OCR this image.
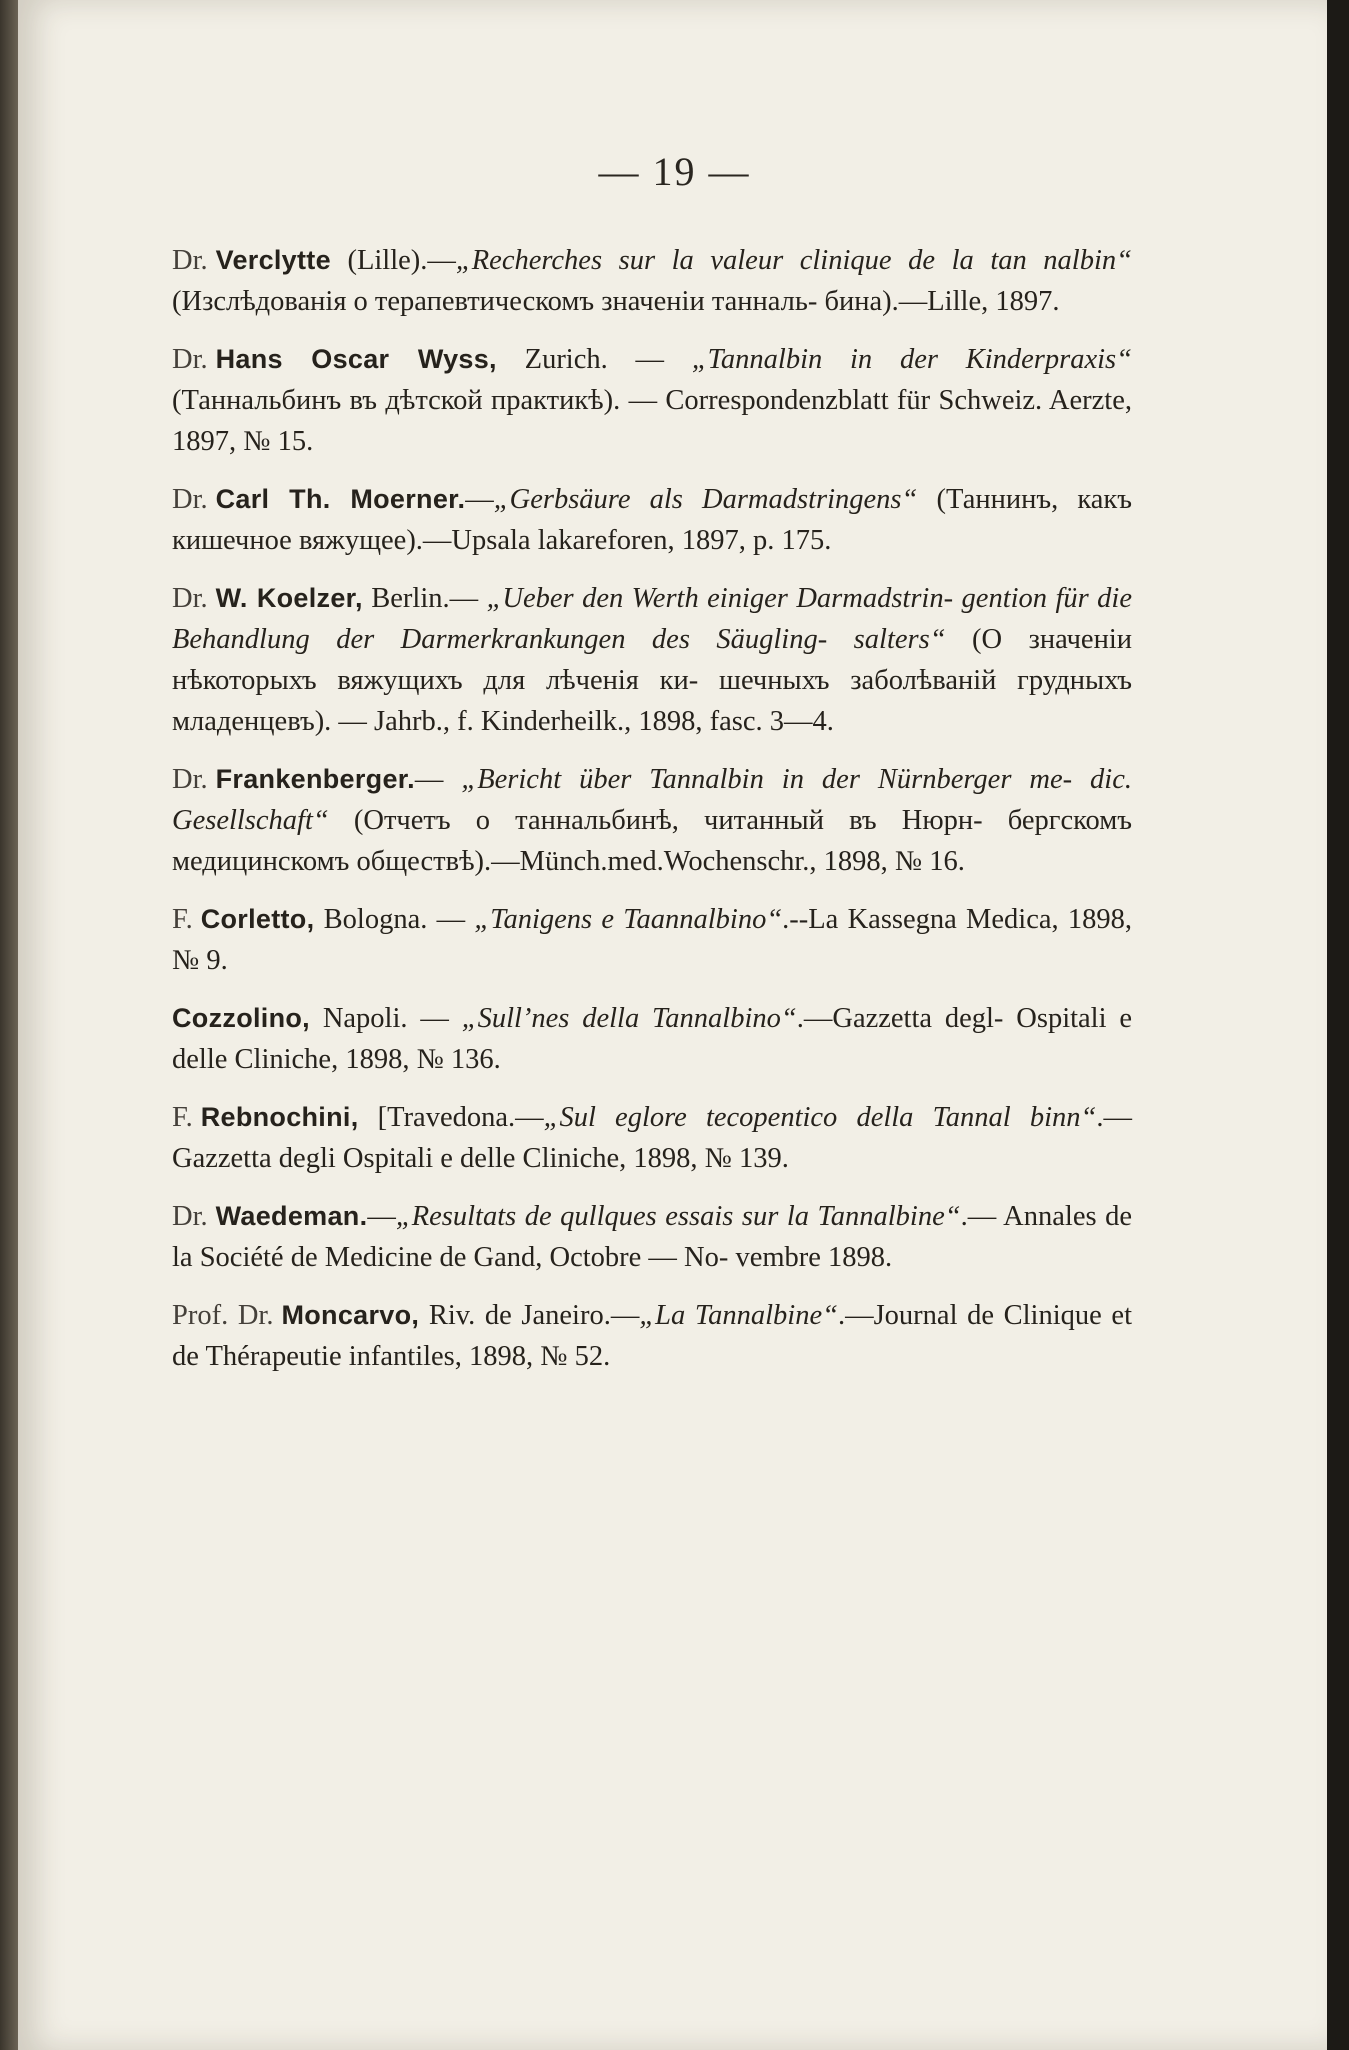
— 19 —

Dr. Verclytte (Lille).—„Recherches sur la valeur clinique de la tan nalbin“ (Изслѣдованія о терапевтическомъ значеніи танналь- бина).—Lille, 1897.

Dr. Hans Oscar Wyss, Zurich. — „Tannalbin in der Kinderpraxis“ (Таннальбинъ въ дѣтской практикѣ). — Correspondenzblatt für Schweiz. Aerzte, 1897, № 15.

Dr. Carl Th. Moerner.—„Gerbsäure als Darmadstringens“ (Таннинъ, какъ кишечное вяжущее).—Upsala lakareforen, 1897, p. 175.

Dr. W. Koelzer, Berlin.— „Ueber den Werth einiger Darmadstrin- gention für die Behandlung der Darmerkrankungen des Säugling- salters“ (О значеніи нѣкоторыхъ вяжущихъ для лѣченія ки- шечныхъ заболѣваній грудныхъ младенцевъ). — Jahrb., f. Kinderheilk., 1898, fasc. 3—4.

Dr. Frankenberger.— „Bericht über Tannalbin in der Nürnberger me- dic. Gesellschaft“ (Отчетъ о таннальбинѣ, читанный въ Нюрн- бергскомъ медицинскомъ обществѣ).—Münch.med.Wochenschr., 1898, № 16.

F. Corletto, Bologna. — „Tanigens e Taannalbino“.--La Kassegna Medica, 1898, № 9.

Cozzolino, Napoli. — „Sull’nes della Tannalbino“.—Gazzetta degl- Ospitali e delle Cliniche, 1898, № 136.

F. Rebnochini, [Travedona.—„Sul eglore tecopentico della Tannal binn“.—Gazzetta degli Ospitali e delle Cliniche, 1898, № 139.

Dr. Waedeman.—„Resultats de qullques essais sur la Tannalbine“.— Annales de la Société de Medicine de Gand, Octobre — No- vembre 1898.

Prof. Dr. Moncarvo, Riv. de Janeiro.—„La Tannalbine“.—Journal de Clinique et de Thérapeutie infantiles, 1898, № 52.
